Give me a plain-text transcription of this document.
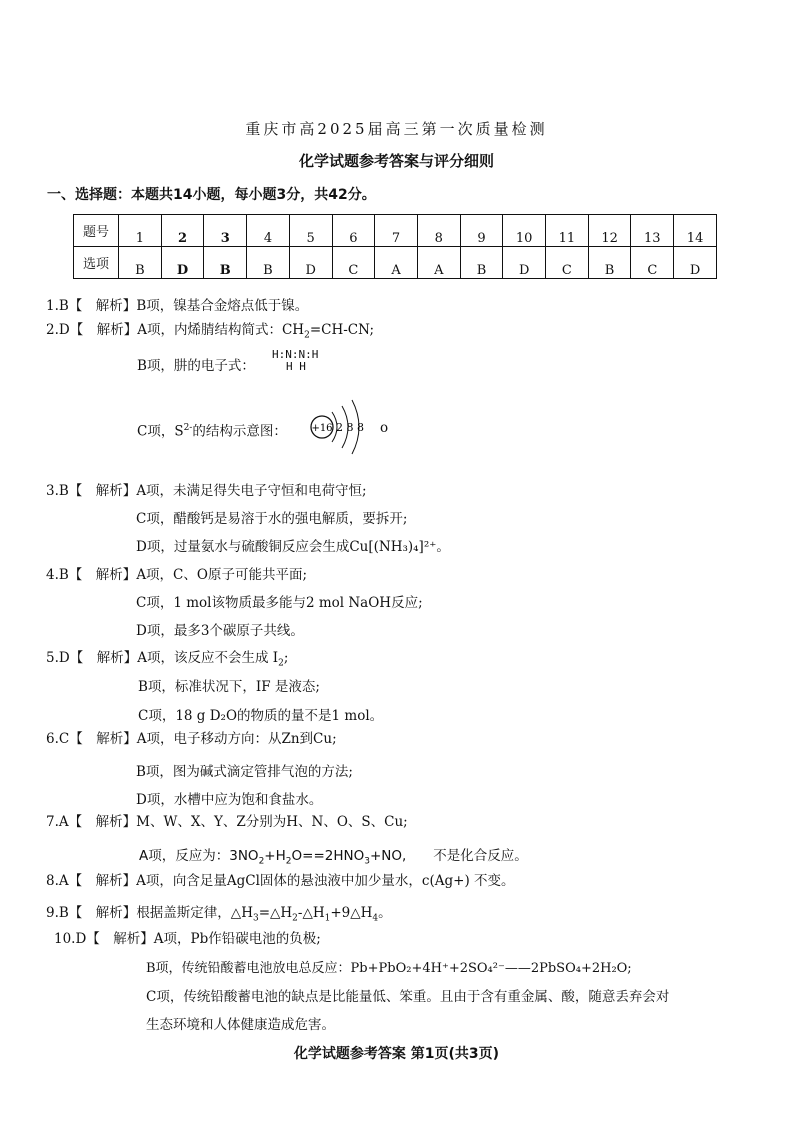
重庆市高2025届高三第一次质量检测
化学试题参考答案与评分细则
一、选择题：本题共14小题，每小题3分，共42分。
题号	1	2	3	4	5	6	7	8	9	10	11	12	13	14
选项	B	D	B	B	D	C	A	A	B	D	C	B	C	D
1.B【　解析】B项，镍基合金熔点低于镍。
2.D【　解析】A项，内烯腈结构简式：$CH_2=CH-CN$;
B项，肼的电子式：
H:N:N:H
H H
C项，$S^{2-}$的结构示意图： +16 2 8 8 o
3.B【　解析】A项，未满足得失电子守恒和电荷守恒;
C项，醋酸钙是易溶于水的强电解质，要拆开;
D项，过量氨水与硫酸铜反应会生成Cu[(NH₃)₄]²⁺。
4.B【　解析】A项，C、O原子可能共平面;
C项，1 mol该物质最多能与2 mol NaOH反应;
D项，最多3个碳原子共线。
5.D【　解析】A项，该反应不会生成 $I_2$;
B项，标准状况下，IF 是液态;
C项，18 g D₂O的物质的量不是1 mol。
6.C【　解析】A项，电子移动方向：从Zn到Cu;
B项，图为碱式滴定管排气泡的方法;
D项，水槽中应为饱和食盐水。
7.A【　解析】M、W、X、Y、Z分别为H、N、O、S、Cu;
A项，反应为：$3NO_2+H_2O==2HNO_3+NO$,　　不是化合反应。
8.A【　解析】A项，向含足量AgCl固体的悬浊液中加少量水，c(Ag+) 不变。
9.B【　解析】根据盖斯定律，$\triangle H_3=\triangle H_2-\triangle H_1+9\triangle H_4$。
10.D【　解析】A项，Pb作铅碳电池的负极;
B项，传统铅酸蓄电池放电总反应：Pb+PbO₂+4H⁺+2SO₄²⁻——2PbSO₄+2H₂O;
C项，传统铅酸蓄电池的缺点是比能量低、笨重。且由于含有重金属、酸，随意丢弃会对
生态环境和人体健康造成危害。
化学试题参考答案 第1页(共3页)
